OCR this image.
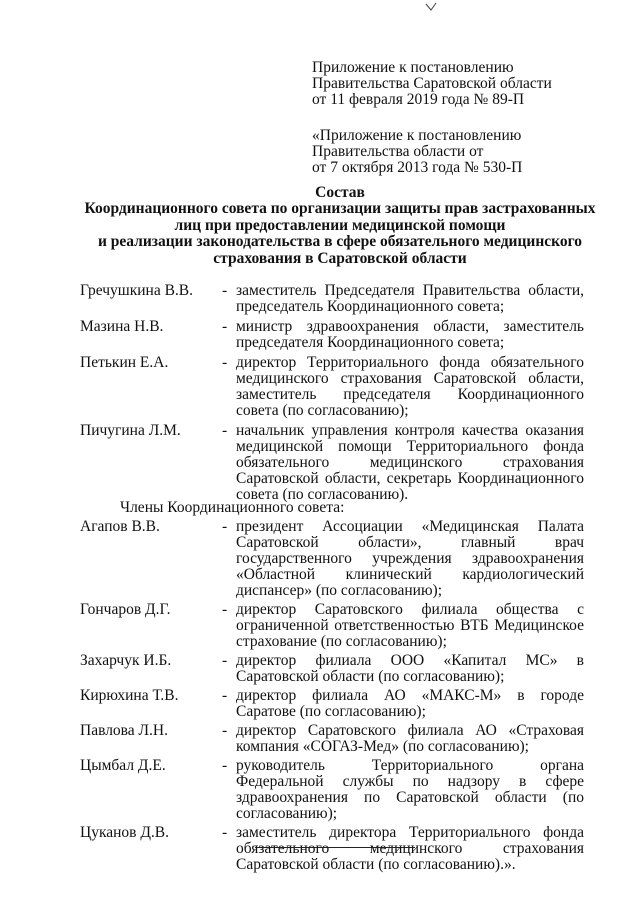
Приложение к постановлению
Правительства Саратовской области
от 11 февраля 2019 года № 89-П
«Приложение к постановлению
Правительства области от
от 7 октября 2013 года № 530-П
Состав
Координационного совета по организации защиты прав застрахованных
лиц при предоставлении медицинской помощи
и реализации законодательства в сфере обязательного медицинского
страхования в Саратовской области
Гречушкина В.В.	- заместитель Председателя Правительства области, председатель Координационного совета;
Мазина Н.В.	- министр здравоохранения области, заместитель председателя Координационного совета;
Петькин Е.А.	- директор Территориального фонда обязательного медицинского страхования Саратовской области, заместитель председателя Координационного совета (по согласованию);
Пичугина Л.М.	- начальник управления контроля качества оказания медицинской помощи Территориального фонда обязательного медицинского страхования Саратовской области, секретарь Координационного совета (по согласованию).
Члены Координационного совета:
Агапов В.В.	- президент Ассоциации «Медицинская Палата Саратовской области», главный врач государственного учреждения здравоохранения «Областной клинический кардиологический диспансер» (по согласованию);
Гончаров Д.Г.	- директор Саратовского филиала общества с ограниченной ответственностью ВТБ Медицинское страхование (по согласованию);
Захарчук И.Б.	- директор филиала ООО «Капитал МС» в Саратовской области (по согласованию);
Кирюхина Т.В.	- директор филиала АО «МАКС-М» в городе Саратове (по согласованию);
Павлова Л.Н.	- директор Саратовского филиала АО «Страховая компания «СОГАЗ-Мед» (по согласованию);
Цымбал Д.Е.	- руководитель Территориального органа Федеральной службы по надзору в сфере здравоохранения по Саратовской области (по согласованию);
Цуканов Д.В.	- заместитель директора Территориального фонда обязательного медицинского страхования Саратовской области (по согласованию).».
